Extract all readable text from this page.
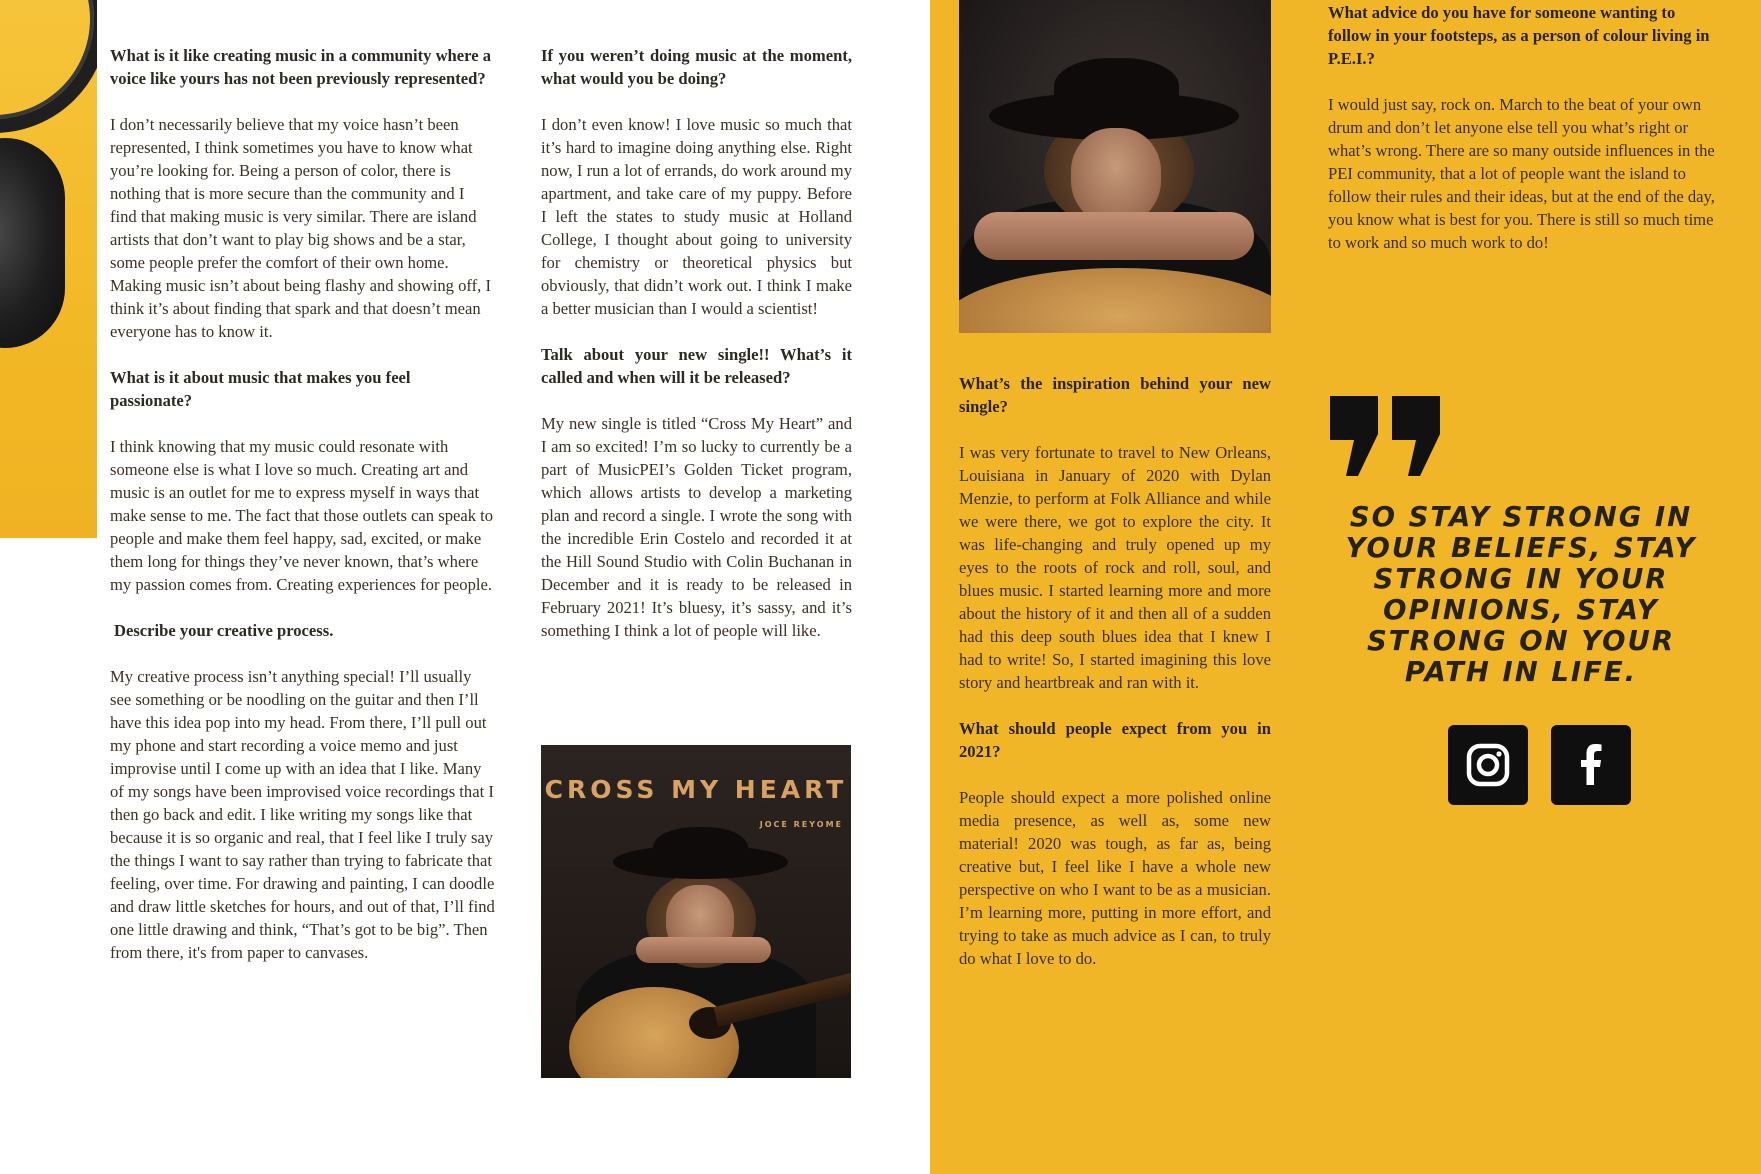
What is it like creating music in a community where a voice like yours has not been previously represented?

I don’t necessarily believe that my voice hasn’t been represented, I think sometimes you have to know what you’re looking for. Being a person of color, there is nothing that is more secure than the community and I find that making music is very similar. There are island artists that don’t want to play big shows and be a star, some people prefer the comfort of their own home. Making music isn’t about being flashy and showing off, I think it’s about finding that spark and that doesn’t mean everyone has to know it.

What is it about music that makes you feel passionate?

I think knowing that my music could resonate with someone else is what I love so much. Creating art and music is an outlet for me to express myself in ways that make sense to me. The fact that those outlets can speak to people and make them feel happy, sad, excited, or make them long for things they’ve never known, that’s where my passion comes from. Creating experiences for people.

Describe your creative process.

My creative process isn’t anything special! I’ll usually see something or be noodling on the guitar and then I’ll have this idea pop into my head. From there, I’ll pull out my phone and start recording a voice memo and just improvise until I come up with an idea that I like. Many of my songs have been improvised voice recordings that I then go back and edit. I like writing my songs like that because it is so organic and real, that I feel like I truly say the things I want to say rather than trying to fabricate that feeling, over time. For drawing and painting, I can doodle and draw little sketches for hours, and out of that, I’ll find one little drawing and think, “That’s got to be big”. Then from there, it's from paper to canvases.

If you weren’t doing music at the moment, what would you be doing?

I don’t even know! I love music so much that it’s hard to imagine doing anything else. Right now, I run a lot of errands, do work around my apartment, and take care of my puppy. Before I left the states to study music at Holland College, I thought about going to university for chemistry or theoretical physics but obviously, that didn’t work out. I think I make a better musician than I would a scientist!

Talk about your new single!! What’s it called and when will it be released?

My new single is titled “Cross My Heart” and I am so excited! I’m so lucky to currently be a part of MusicPEI’s Golden Ticket program, which allows artists to develop a marketing plan and record a single. I wrote the song with the incredible Erin Costelo and recorded it at the Hill Sound Studio with Colin Buchanan in December and it is ready to be released in February 2021! It’s bluesy, it’s sassy, and it’s something I think a lot of people will like.

CROSS MY HEART
JOCE REYOME

What’s the inspiration behind your new single?

I was very fortunate to travel to New Orleans, Louisiana in January of 2020 with Dylan Menzie, to perform at Folk Alliance and while we were there, we got to explore the city. It was life-changing and truly opened up my eyes to the roots of rock and roll, soul, and blues music. I started learning more and more about the history of it and then all of a sudden had this deep south blues idea that I knew I had to write! So, I started imagining this love story and heartbreak and ran with it.

What should people expect from you in 2021?

People should expect a more polished online media presence, as well as, some new material! 2020 was tough, as far as, being creative but, I feel like I have a whole new perspective on who I want to be as a musician. I’m learning more, putting in more effort, and trying to take as much advice as I can, to truly do what I love to do.

What advice do you have for someone wanting to follow in your footsteps, as a person of colour living in P.E.I.?

I would just say, rock on. March to the beat of your own drum and don’t let anyone else tell you what’s right or what’s wrong. There are so many outside influences in the PEI community, that a lot of people want the island to follow their rules and their ideas, but at the end of the day, you know what is best for you. There is still so much time to work and so much work to do!

SO STAY STRONG IN YOUR BELIEFS, STAY STRONG IN YOUR OPINIONS, STAY STRONG ON YOUR PATH IN LIFE.
